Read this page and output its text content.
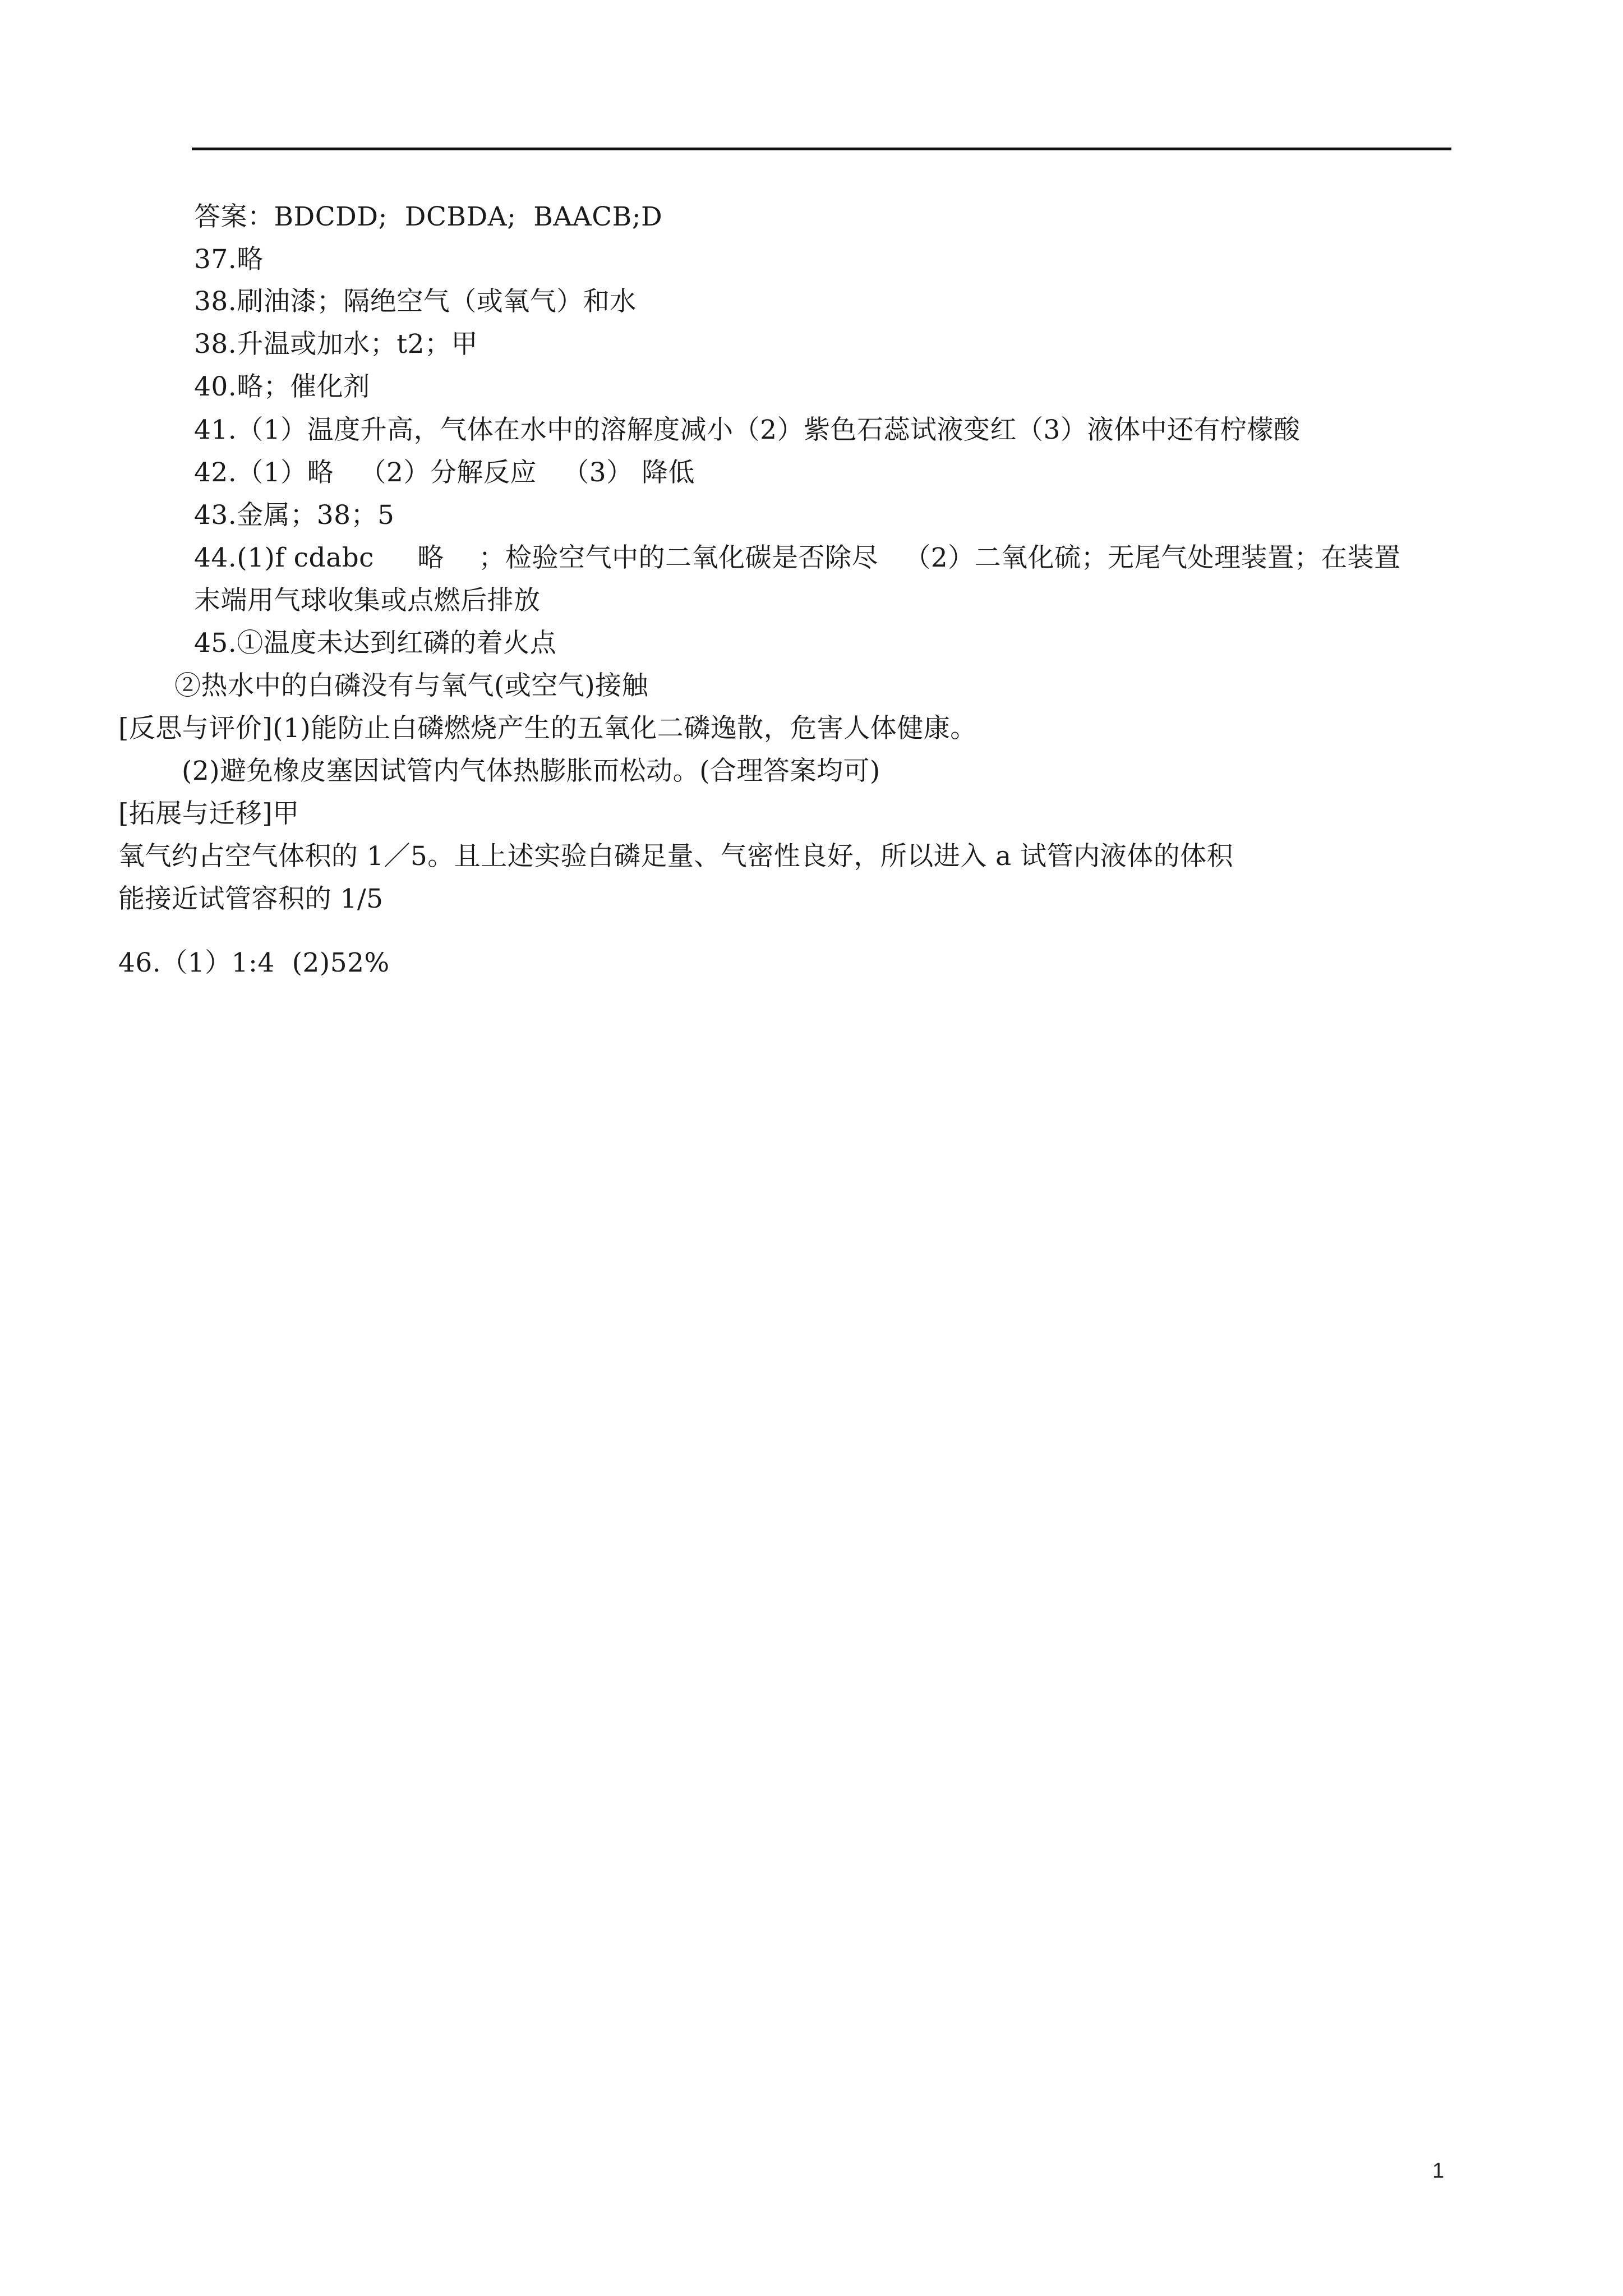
答案：BDCDD;  DCBDA;  BAACB;D
37.略
38.刷油漆；隔绝空气（或氧气）和水
38.升温或加水；t2；甲
40.略；催化剂
41.（1）温度升高，气体在水中的溶解度减小（2）紫色石蕊试液变红（3）液体中还有柠檬酸
42.（1）略   （2）分解反应   （3） 降低
43.金属；38；5
44.(1)f cdabc     略    ；检验空气中的二氧化碳是否除尽   （2）二氧化硫；无尾气处理装置；在装置
末端用气球收集或点燃后排放
45.①温度未达到红磷的着火点
②热水中的白磷没有与氧气(或空气)接触
[反思与评价](1)能防止白磷燃烧产生的五氧化二磷逸散，危害人体健康。
(2)避免橡皮塞因试管内气体热膨胀而松动。(合理答案均可)
[拓展与迁移]甲
氧气约占空气体积的 1／5。且上述实验白磷足量、气密性良好，所以进入 a 试管内液体的体积
能接近试管容积的 1/5
46.（1）1:4  (2)52%
1
